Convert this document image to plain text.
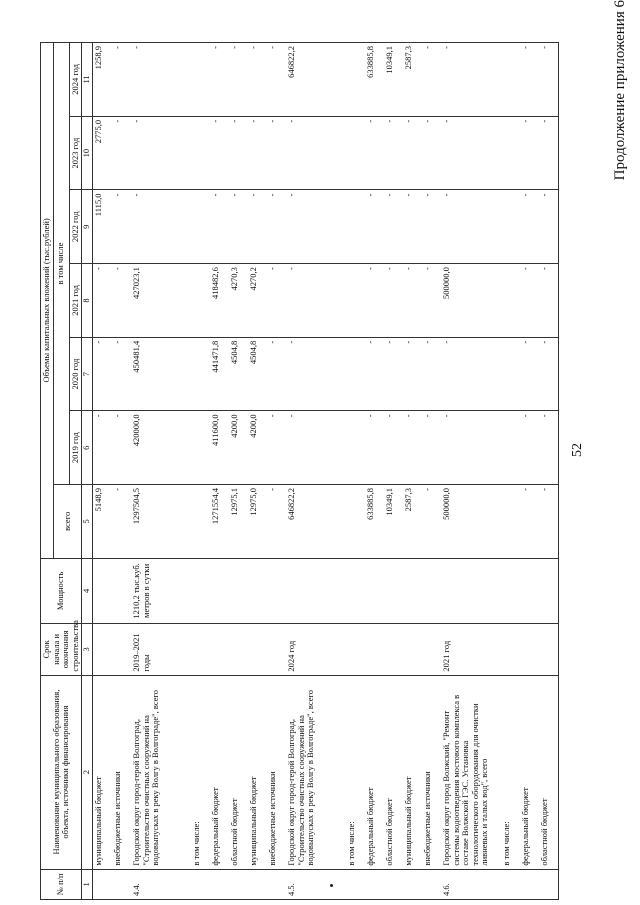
52
Продолжение приложения 6
№ п/п	Наименование муниципального образования, объекта, источники финансирования	Срок начала и окончания строительства	Мощность	Объемы капитальных вложений (тыс.рублей)						
				всего	в том числе					
					2019 год	2020 год	2021 год	2022 год	2023 год	2024 год
1	2	3	4	5	6	7	8	9	10	11
	муниципальный бюджет			5148,9	-	-	-	1115,0	2775,0	1258,9
	внебюджетные источники			-	-	-	-	-	-	-
4.4.	Городской округ город-герой Волгоград, "Строительство очистных сооружений на водовыпусках в реку Волгу в Волгограде", всего	2019–2021 годы	1210,2 тыс.куб. метров в сутки	1297504,5	420000,0	450481,4	427023,1	-	-	-
	в том числе:									
	федеральный бюджет			1271554,4	411600,0	441471,8	418482,6	-	-	-
	областной бюджет			12975,1	4200,0	4504,8	4270,3	-	-	-
	муниципальный бюджет			12975,0	4200,0	4504,8	4270,2	-	-	-
	внебюджетные источники			-	-	-	-	-	-	-
4.5.	Городской округ город-герой Волгоград, "Строительство очистных сооружений на водовыпусках в реку Волгу в Волгограде", всего	2024 год		646822,2	-	-	-	-	-	646822,2
	в том числе:									
	федеральный бюджет			633885,8	-	-	-	-	-	633885,8
	областной бюджет			10349,1	-	-	-	-	-	10349,1
	муниципальный бюджет			2587,3	-	-	-	-	-	2587,3
	внебюджетные источники			-	-	-	-	-	-	-
4.6.	Городской округ город Волжский, "Ремонт системы водоотведения мостового комплекса в составе Волжской ГЭС. Установка технологического оборудования для очистки ливневых и талых вод", всего	2021 год		500000,0	-	-	500000,0	-	-	-
	в том числе:									
	федеральный бюджет			-	-	-	-	-	-	-
	областной бюджет			-	-	-	-	-	-	-
